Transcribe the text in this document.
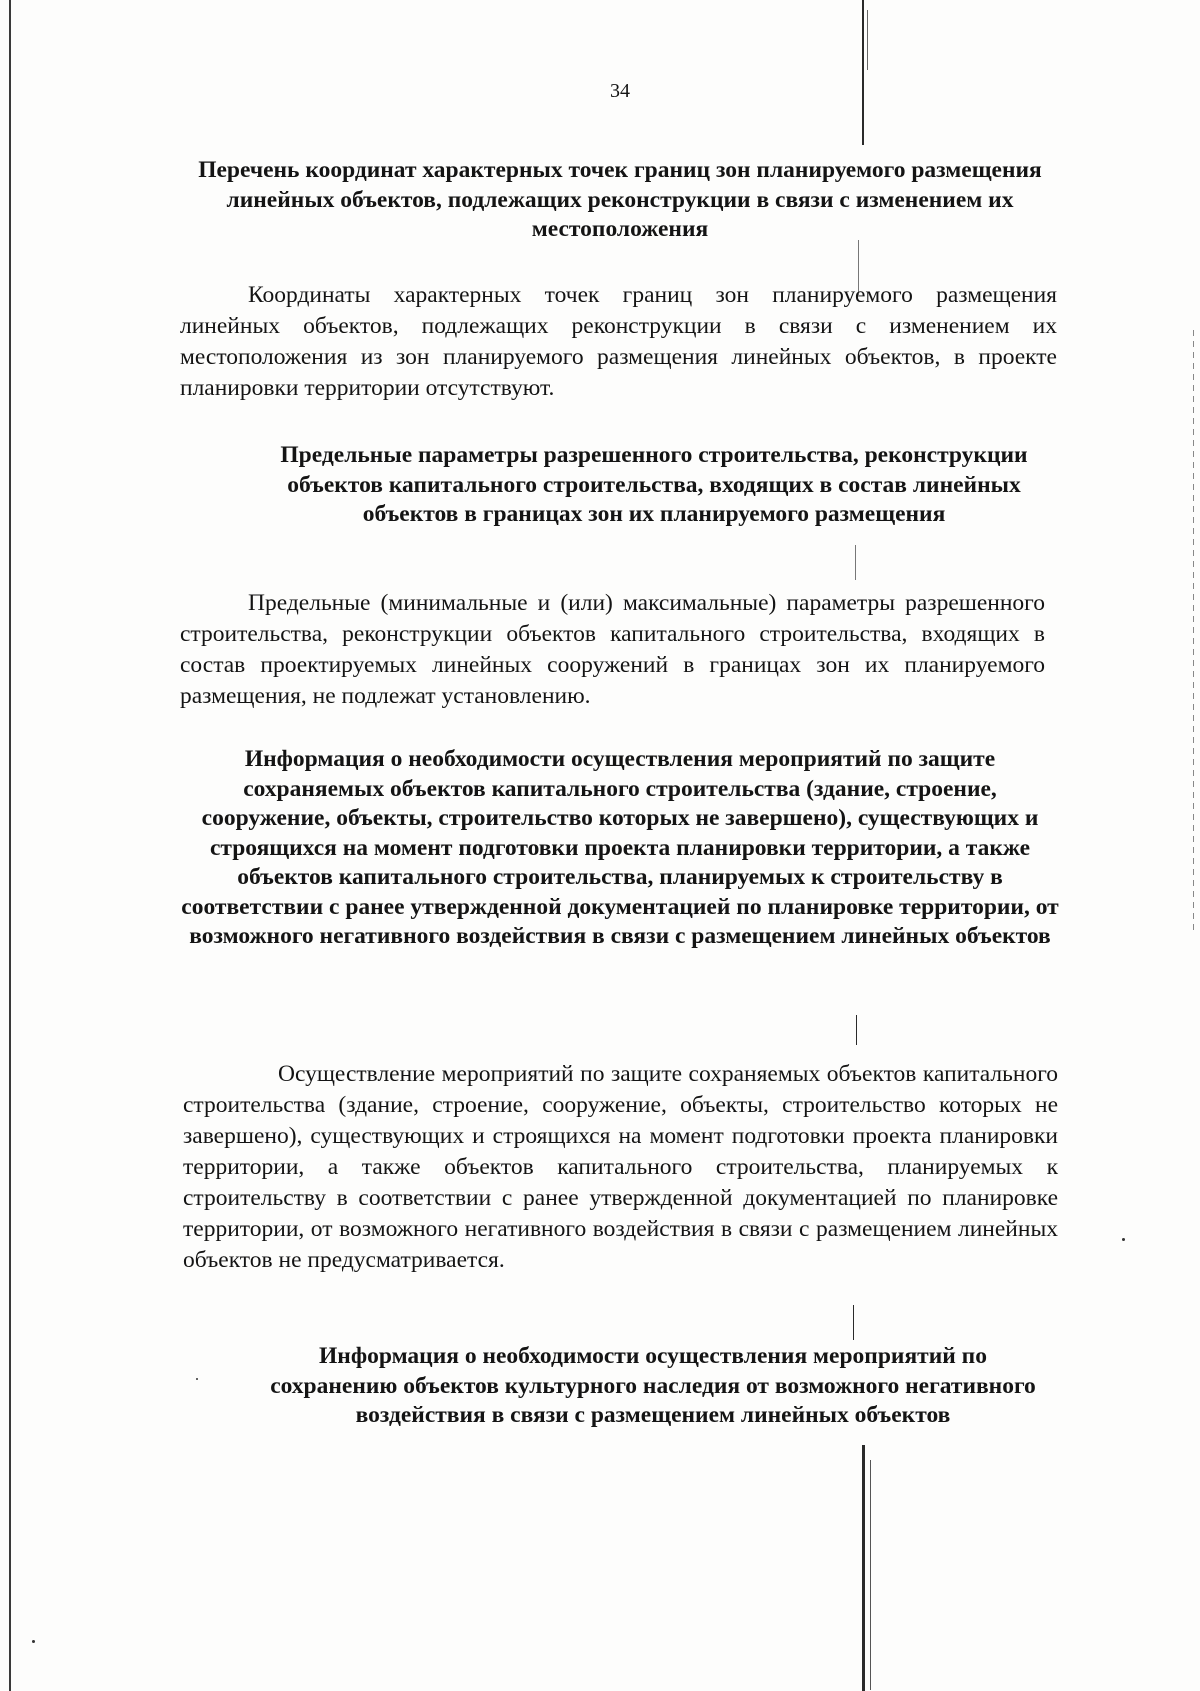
34

Перечень координат характерных точек границ зон планируемого размещения линейных объектов, подлежащих реконструкции в связи с изменением их местоположения

Координаты характерных точек границ зон планируемого размещения линейных объектов, подлежащих реконструкции в связи с изменением их местоположения из зон планируемого размещения линейных объектов, в проекте планировки территории отсутствуют.

Предельные параметры разрешенного строительства, реконструкции объектов капитального строительства, входящих в состав линейных объектов в границах зон их планируемого размещения

Предельные (минимальные и (или) максимальные) параметры разрешенного строительства, реконструкции объектов капитального строительства, входящих в состав проектируемых линейных сооружений в границах зон их планируемого размещения, не подлежат установлению.

Информация о необходимости осуществления мероприятий по защите сохраняемых объектов капитального строительства (здание, строение, сооружение, объекты, строительство которых не завершено), существующих и строящихся на момент подготовки проекта планировки территории, а также объектов капитального строительства, планируемых к строительству в соответствии с ранее утвержденной документацией по планировке территории, от возможного негативного воздействия в связи с размещением линейных объектов

Осуществление мероприятий по защите сохраняемых объектов капитального строительства (здание, строение, сооружение, объекты, строительство которых не завершено), существующих и строящихся на момент подготовки проекта планировки территории, а также объектов капитального строительства, планируемых к строительству в соответствии с ранее утвержденной документацией по планировке территории, от возможного негативного воздействия в связи с размещением линейных объектов не предусматривается.

Информация о необходимости осуществления мероприятий по сохранению объектов культурного наследия от возможного негативного воздействия в связи с размещением линейных объектов
